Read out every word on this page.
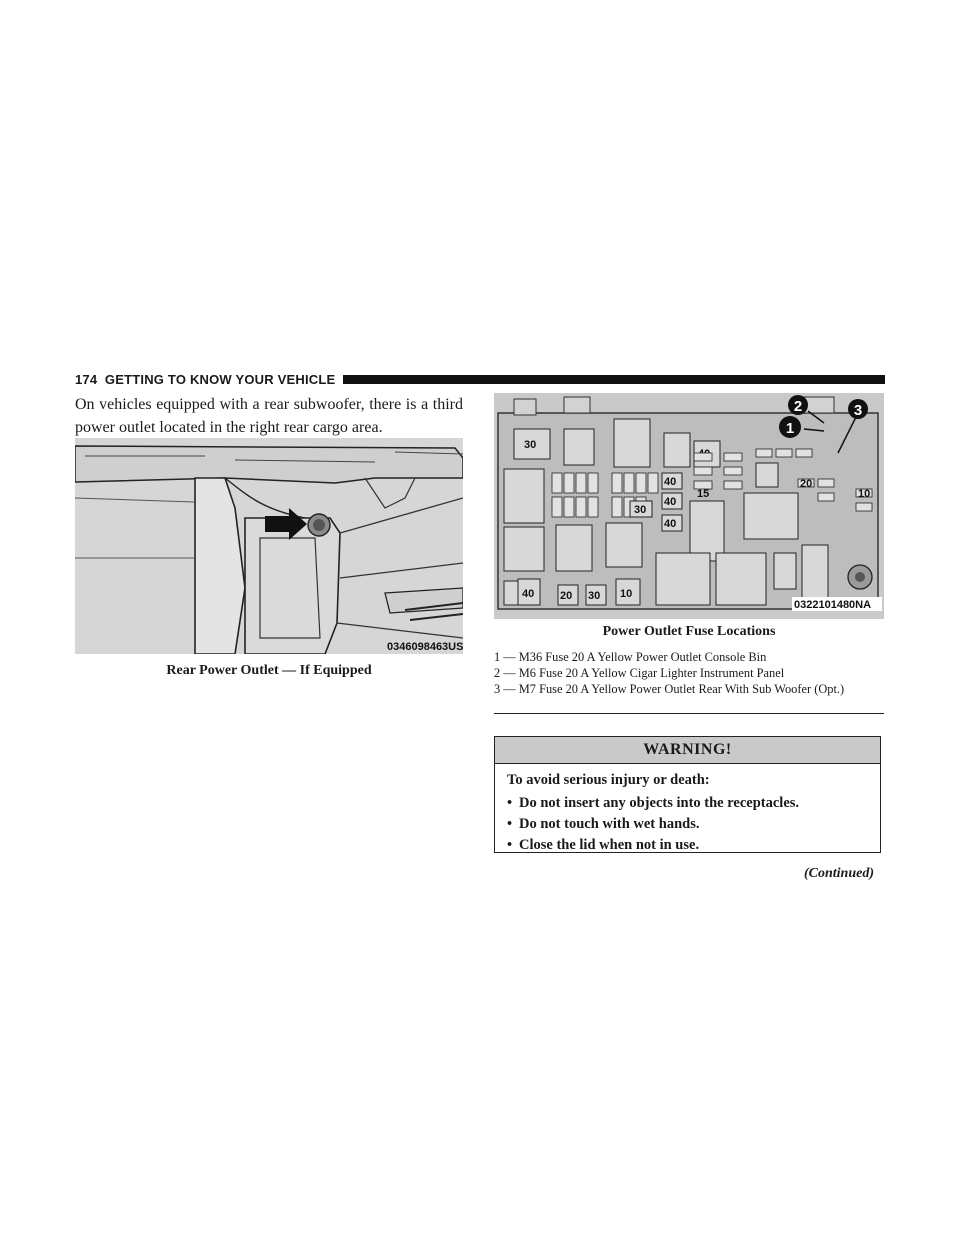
174 GETTING TO KNOW YOUR VEHICLE

On vehicles equipped with a rear subwoofer, there is a third power outlet located in the right rear cargo area.

0346098463US

Rear Power Outlet — If Equipped

30
15
20
10
40
40
40
30
40 20 30 10
1
2	3
0322101480NA

Power Outlet Fuse Locations

1 — M36 Fuse 20 A Yellow Power Outlet Console Bin
2 — M6 Fuse 20 A Yellow Cigar Lighter Instrument Panel
3 — M7 Fuse 20 A Yellow Power Outlet Rear With Sub Woofer (Opt.)
WARNING!
To avoid serious injury or death:
• Do not insert any objects into the receptacles.
• Do not touch with wet hands.
• Close the lid when not in use.

(Continued)
